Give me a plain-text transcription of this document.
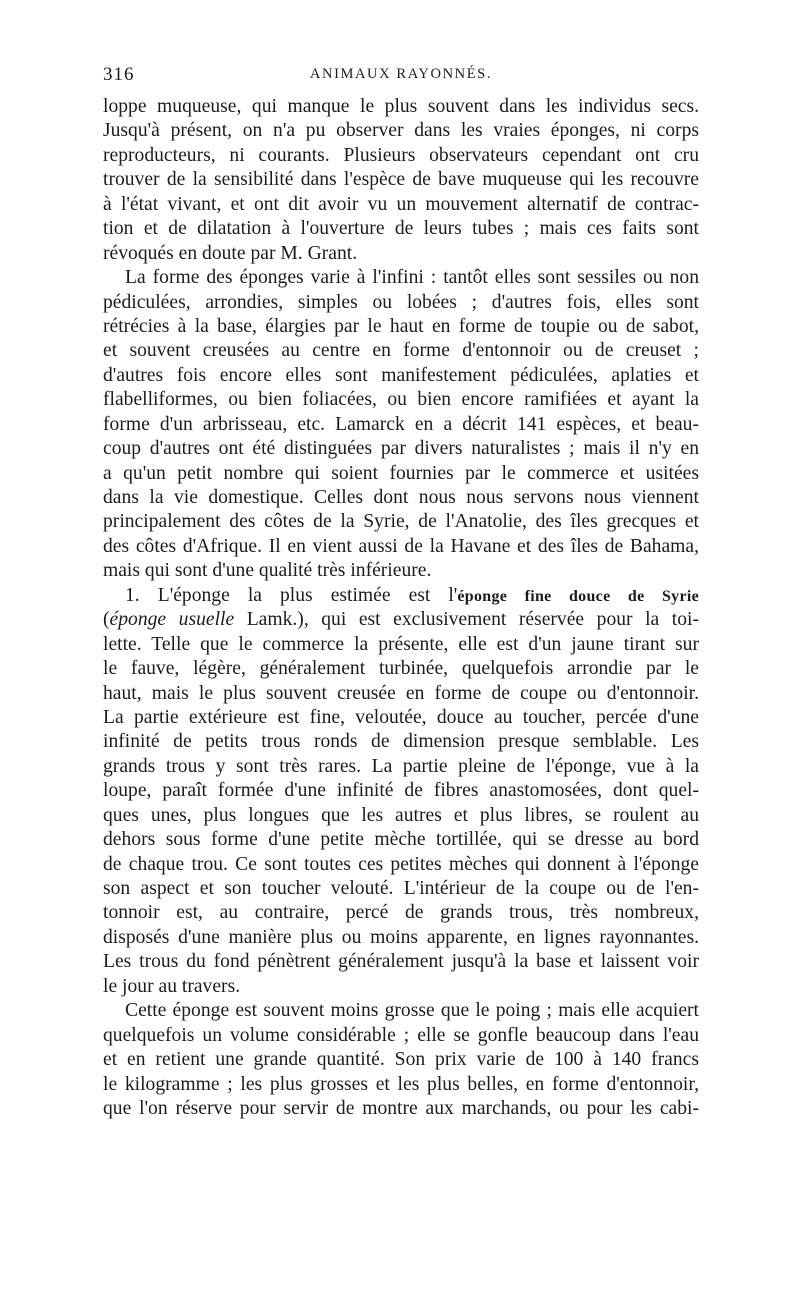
316	ANIMAUX RAYONNÉS.
loppe muqueuse, qui manque le plus souvent dans les individus secs.
Jusqu'à présent, on n'a pu observer dans les vraies éponges, ni corps
reproducteurs, ni courants. Plusieurs observateurs cependant ont cru
trouver de la sensibilité dans l'espèce de bave muqueuse qui les recouvre
à l'état vivant, et ont dit avoir vu un mouvement alternatif de contrac-
tion et de dilatation à l'ouverture de leurs tubes ; mais ces faits sont
révoqués en doute par M. Grant.
La forme des éponges varie à l'infini : tantôt elles sont sessiles ou non
pédiculées, arrondies, simples ou lobées ; d'autres fois, elles sont
rétrécies à la base, élargies par le haut en forme de toupie ou de sabot,
et souvent creusées au centre en forme d'entonnoir ou de creuset ;
d'autres fois encore elles sont manifestement pédiculées, aplaties et
flabelliformes, ou bien foliacées, ou bien encore ramifiées et ayant la
forme d'un arbrisseau, etc. Lamarck en a décrit 141 espèces, et beau-
coup d'autres ont été distinguées par divers naturalistes ; mais il n'y en
a qu'un petit nombre qui soient fournies par le commerce et usitées
dans la vie domestique. Celles dont nous nous servons nous viennent
principalement des côtes de la Syrie, de l'Anatolie, des îles grecques et
des côtes d'Afrique. Il en vient aussi de la Havane et des îles de Bahama,
mais qui sont d'une qualité très inférieure.
1. L'éponge la plus estimée est l'éponge fine douce de Syrie
(éponge usuelle Lamk.), qui est exclusivement réservée pour la toi-
lette. Telle que le commerce la présente, elle est d'un jaune tirant sur
le fauve, légère, généralement turbinée, quelquefois arrondie par le
haut, mais le plus souvent creusée en forme de coupe ou d'entonnoir.
La partie extérieure est fine, veloutée, douce au toucher, percée d'une
infinité de petits trous ronds de dimension presque semblable. Les
grands trous y sont très rares. La partie pleine de l'éponge, vue à la
loupe, paraît formée d'une infinité de fibres anastomosées, dont quel-
ques unes, plus longues que les autres et plus libres, se roulent au
dehors sous forme d'une petite mèche tortillée, qui se dresse au bord
de chaque trou. Ce sont toutes ces petites mèches qui donnent à l'éponge
son aspect et son toucher velouté. L'intérieur de la coupe ou de l'en-
tonnoir est, au contraire, percé de grands trous, très nombreux,
disposés d'une manière plus ou moins apparente, en lignes rayonnantes.
Les trous du fond pénètrent généralement jusqu'à la base et laissent voir
le jour au travers.
Cette éponge est souvent moins grosse que le poing ; mais elle acquiert
quelquefois un volume considérable ; elle se gonfle beaucoup dans l'eau
et en retient une grande quantité. Son prix varie de 100 à 140 francs
le kilogramme ; les plus grosses et les plus belles, en forme d'entonnoir,
que l'on réserve pour servir de montre aux marchands, ou pour les cabi-
